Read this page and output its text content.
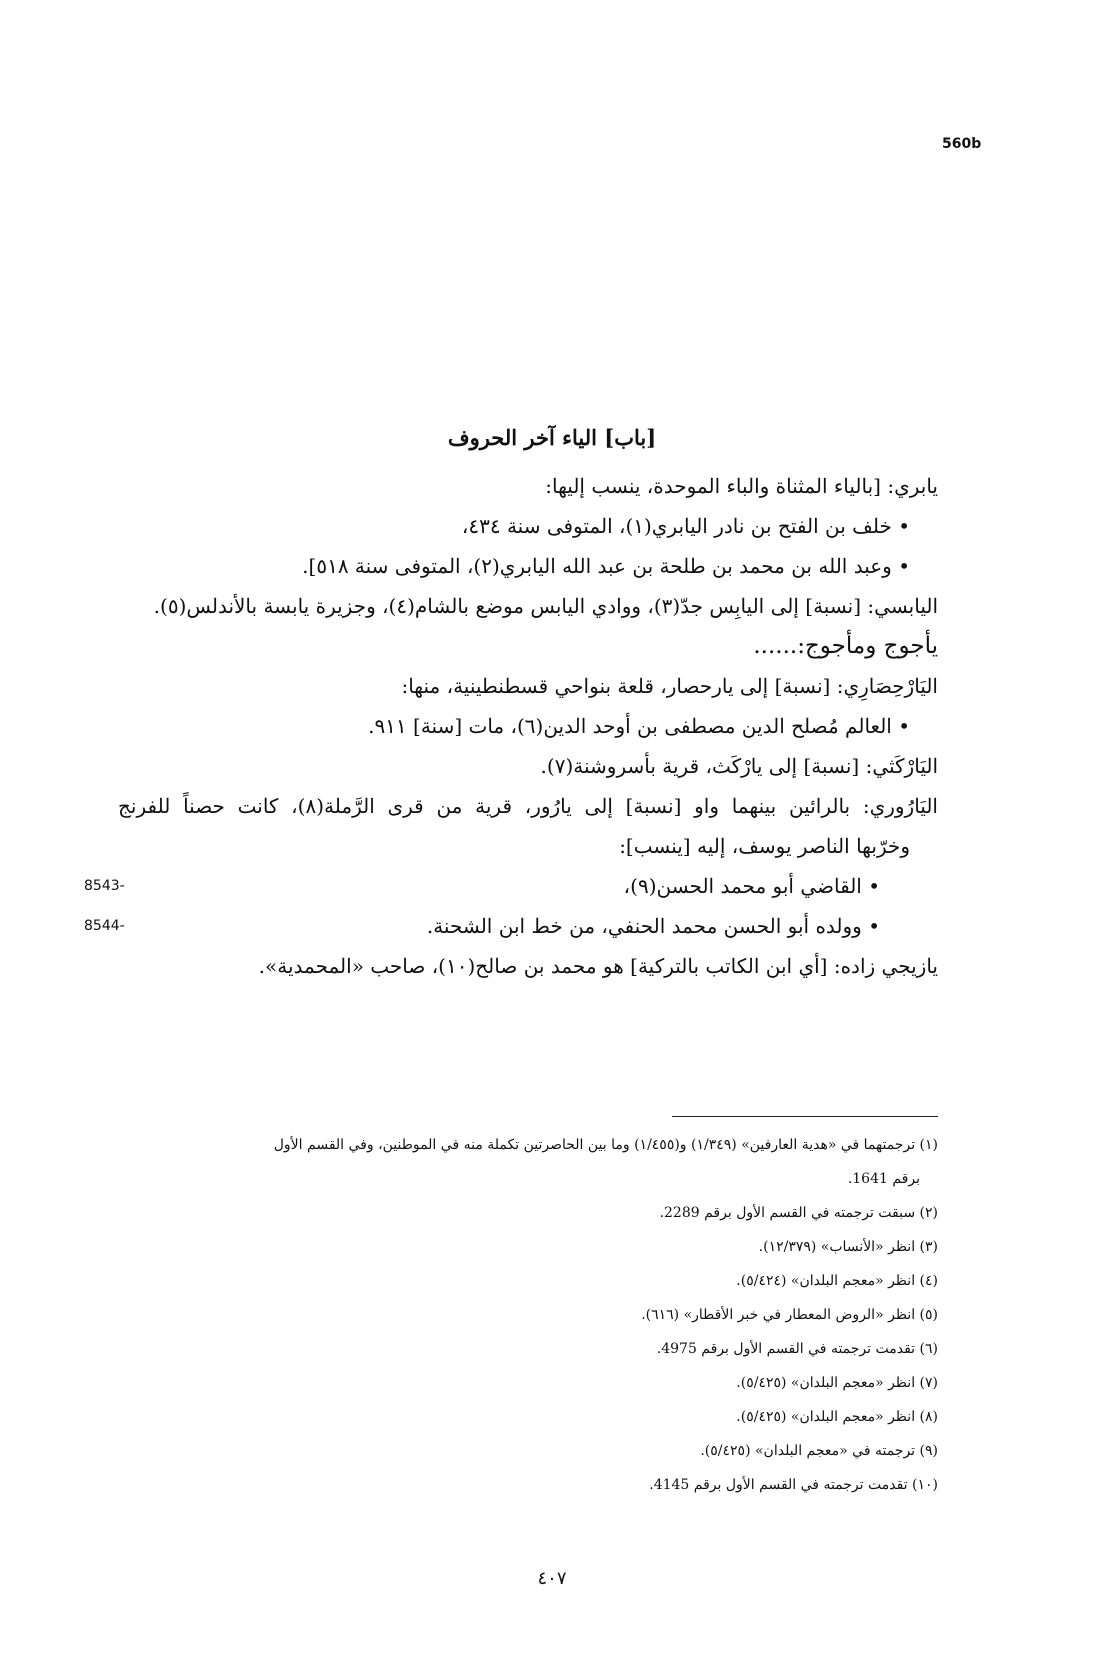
560b
[باب] الياء آخر الحروف
يابري: [باليا‌ء المثناة والباء الموحدة، ينسب إليها:
• خلف بن الفتح بن نادر اليابري(١)، المتوفى سنة ٤٣٤،
• وعبد الله بن محمد بن طلحة بن عبد الله اليابري(٢)، المتوفى سنة ٥١٨].
اليابسي: [نسبة] إلى اليابِس جدّ(٣)، ووادي اليابس موضع بالشام(٤)، وجزيرة يابسة بالأندلس(٥).
يأجوج ومأجوج:......
اليَارْحِصَارِي: [نسبة] إلى يارحصار، قلعة بنواحي قسطنطينية، منها:
• العالم مُصلح الدين مصطفى بن أوحد الدين(٦)، مات [سنة] ٩١١.
اليَارْكَثي: [نسبة] إلى يارْكَث، قرية بأسروشنة(٧).
اليَارُوري: بالرائين بينهما واو [نسبة] إلى يارُور، قرية من قرى الرَّملة(٨)، كانت حصناً للفرنج
وخرّبها الناصر يوسف، إليه [ينسب]:
• القاضي أبو محمد الحسن(٩)،
8543-
• وولده أبو الحسن محمد الحنفي، من خط ابن الشحنة.
8544-
يازيجي زاده: [أي ابن الكاتب بالتركية] هو محمد بن صالح(١٠)، صاحب «المحمدية».
(١) ترجمتهما في «هدية العارفين» (١/٣٤٩) و(١/٤٥٥) وما بين الحاصرتين تكملة منه في الموطنين، وفي القسم الأول
برقم 1641.
(٢) سبقت ترجمته في القسم الأول برقم 2289.
(٣) انظر «الأنساب» (١٢/٣٧٩).
(٤) انظر «معجم البلدان» (٥/٤٢٤).
(٥) انظر «الروض المعطار في خبر الأقطار» (٦١٦).
(٦) تقدمت ترجمته في القسم الأول برقم 4975.
(٧) انظر «معجم البلدان» (٥/٤٢٥).
(٨) انظر «معجم البلدان» (٥/٤٢٥).
(٩) ترجمته في «معجم البلدان» (٥/٤٢٥).
(١٠) تقدمت ترجمته في القسم الأول برقم 4145.
٤٠٧
